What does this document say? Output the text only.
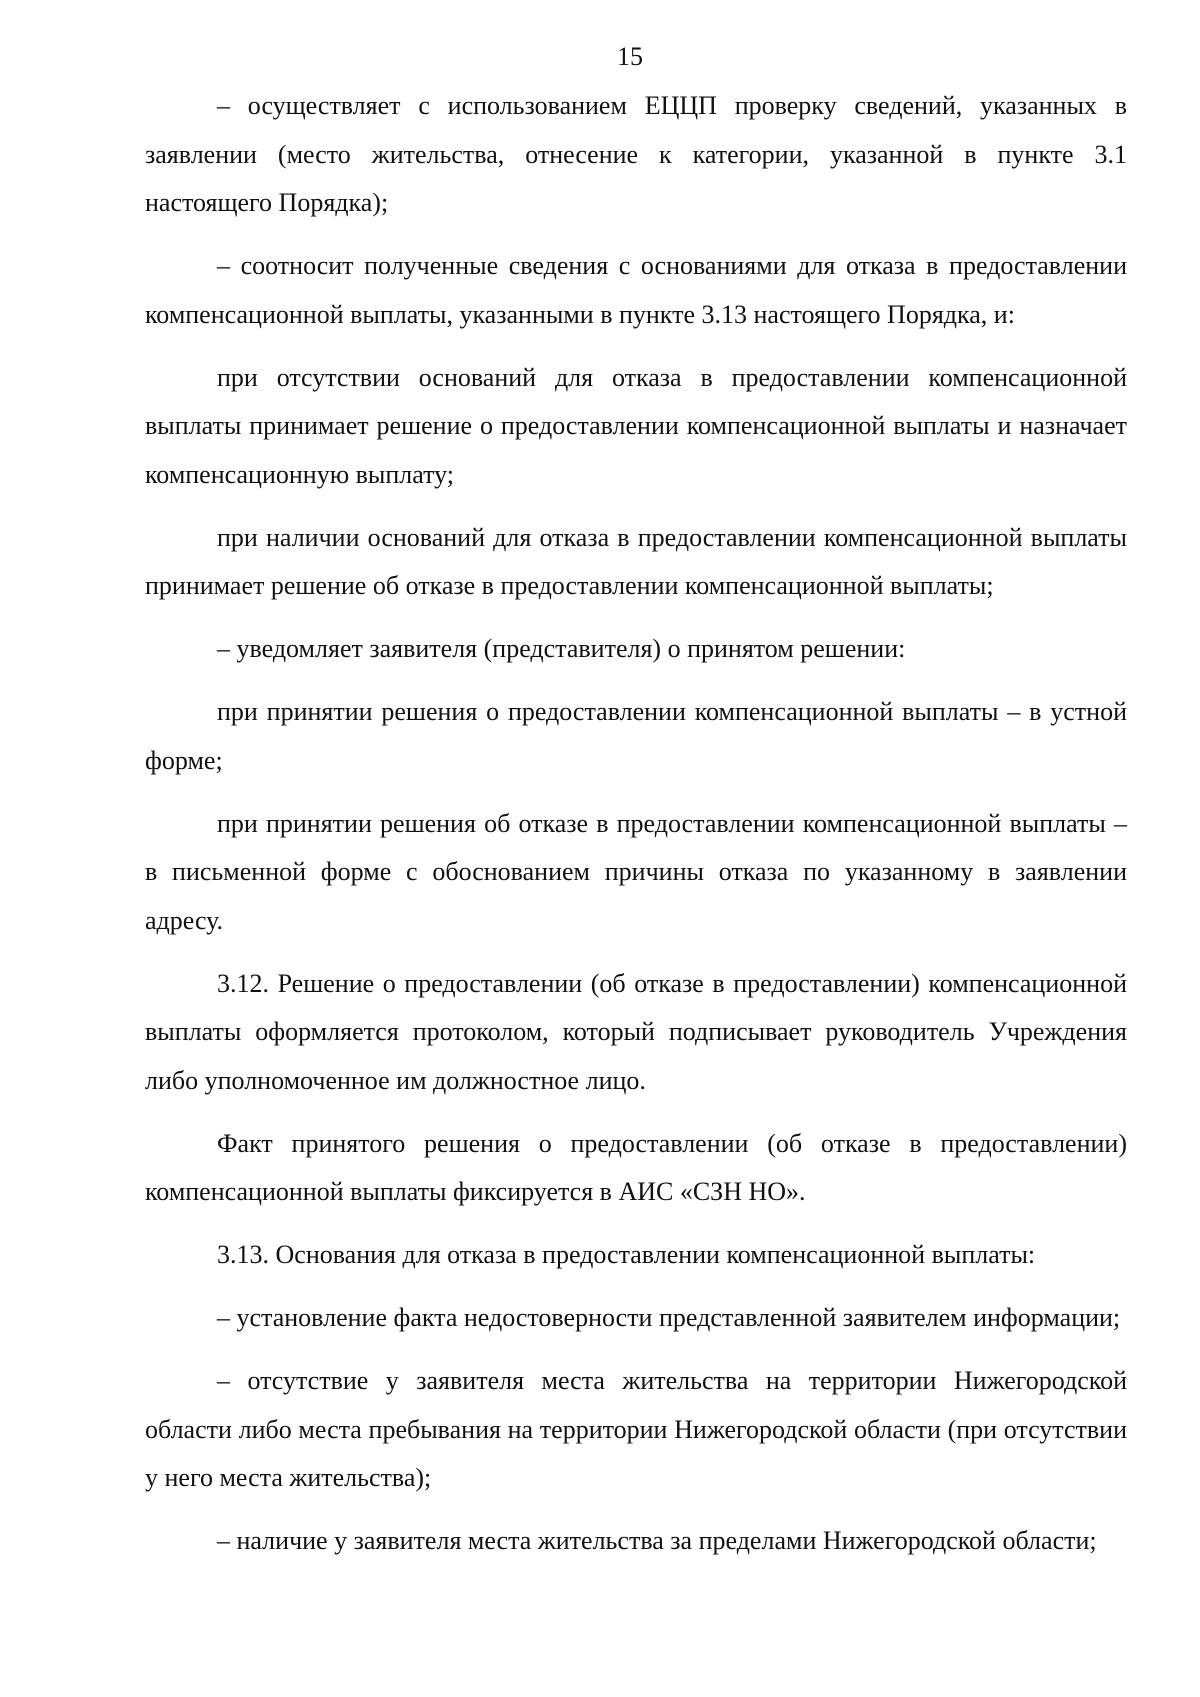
15

– осуществляет с использованием ЕЦЦП проверку сведений, указанных в заявлении (место жительства, отнесение к категории, указанной в пункте 3.1 настоящего Порядка);

– соотносит полученные сведения с основаниями для отказа в предоставлении компенсационной выплаты, указанными в пункте 3.13 настоящего Порядка, и:

при отсутствии оснований для отказа в предоставлении компенсационной выплаты принимает решение о предоставлении компенсационной выплаты и назначает компенсационную выплату;

при наличии оснований для отказа в предоставлении компенсационной выплаты принимает решение об отказе в предоставлении компенсационной выплаты;

– уведомляет заявителя (представителя) о принятом решении:

при принятии решения о предоставлении компенсационной выплаты – в устной форме;

при принятии решения об отказе в предоставлении компенсационной выплаты – в письменной форме с обоснованием причины отказа по указанному в заявлении адресу.

3.12. Решение о предоставлении (об отказе в предоставлении) компенсационной выплаты оформляется протоколом, который подписывает руководитель Учреждения либо уполномоченное им должностное лицо.

Факт принятого решения о предоставлении (об отказе в предоставлении) компенсационной выплаты фиксируется в АИС «СЗН НО».

3.13. Основания для отказа в предоставлении компенсационной выплаты:

– установление факта недостоверности представленной заявителем информации;

– отсутствие у заявителя места жительства на территории Нижегородской области либо места пребывания на территории Нижегородской области (при отсутствии у него места жительства);

– наличие у заявителя места жительства за пределами Нижегородской области;
